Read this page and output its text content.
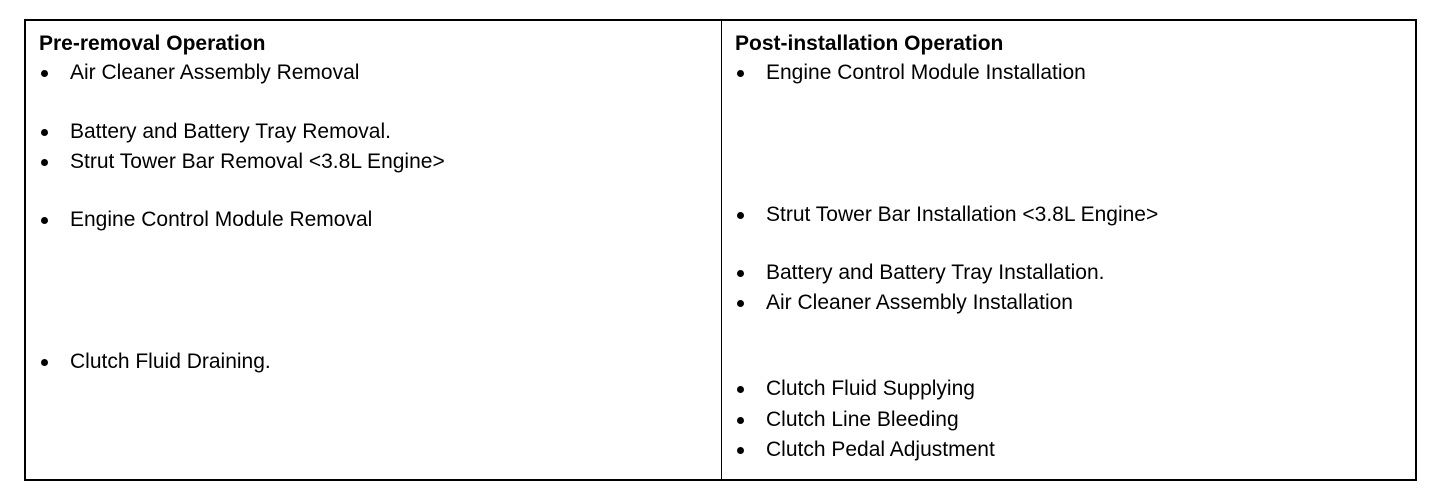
Pre-removal Operation
Air Cleaner Assembly Removal
Battery and Battery Tray Removal.
Strut Tower Bar Removal <3.8L Engine>
Engine Control Module Removal
Clutch Fluid Draining.
Post-installation Operation
Engine Control Module Installation
Strut Tower Bar Installation <3.8L Engine>
Battery and Battery Tray Installation.
Air Cleaner Assembly Installation
Clutch Fluid Supplying
Clutch Line Bleeding
Clutch Pedal Adjustment
